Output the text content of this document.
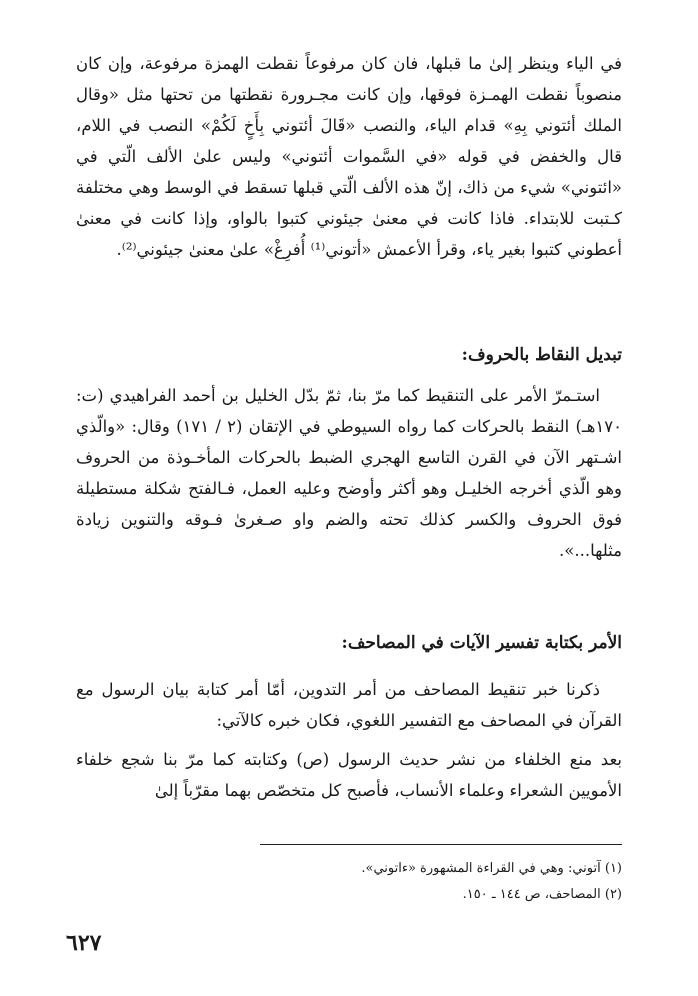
في الياء وينظر إلىٰ ما قبلها، فان كان مرفوعاً نقطت الهمزة مرفوعة، وإن كان منصوباً نقطت الهمـزة فوقها، وإن كانت مجـرورة نقطتها من تحتها مثل «وقال الملك أئتوني بِهِ» قدام الياء، والنصب «قَالَ أئتوني بِأَخٍ لَكُمْ» النصب في اللام، قال والخفض في قوله «في السَّموات أئتوني» وليس علىٰ الألف الّتي في «ائتوني» شيء من ذاك، إنّ هذه الألف الّتي قبلها تسقط في الوسط وهي مختلفة كـتبت للابتداء. فاذا كانت في معنىٰ جيئوني كتبوا بالواو، وإذا كانت في معنىٰ أعطوني كتبوا بغير ياء، وقرأ الأعمش «أتوني⁽¹⁾ أُفرِغْ» علىٰ معنىٰ جيئوني⁽²⁾.

تبديل النقاط بالحروف:

استـمرّ الأمر على التنقيط كما مرّ بنا، ثمّ بدّل الخليل بن أحمد الفراهيدي (ت: ١٧٠هـ) النقط بالحركات كما رواه السيوطي في الإتقان (٢ / ١٧١) وقال: «والّذي اشـتهر الآن في القرن التاسع الهجري الضبط بالحركات المأخـوذة من الحروف وهو الّذي أخرجه الخليـل وهو أكثر وأوضح وعليه العمل، فـالفتح شكلة مستطيلة فوق الحروف والكسر كذلك تحته والضم واو صـغرىٰ فـوقه والتنوين زيادة مثلها...».

الأمر بكتابة تفسير الآيات في المصاحف:

ذكرنا خبر تنقيط المصاحف من أمر التدوين، أمّا أمر كتابة بيان الرسول مع القرآن في المصاحف مع التفسير اللغوي، فكان خبره كالآتي:

بعد منع الخلفاء من نشر حديث الرسول (ص) وكتابته كما مرّ بنا شجع خلفاء الأمويين الشعراء وعلماء الأنساب، فأصبح كل متخصّص بهما مقرّباً إلىٰ

(١) آتوني: وهي في القراءة المشهورة «ءاتوني».

(٢) المصاحف، ص ١٤٤ ـ ١٥٠.

٦٢٧
